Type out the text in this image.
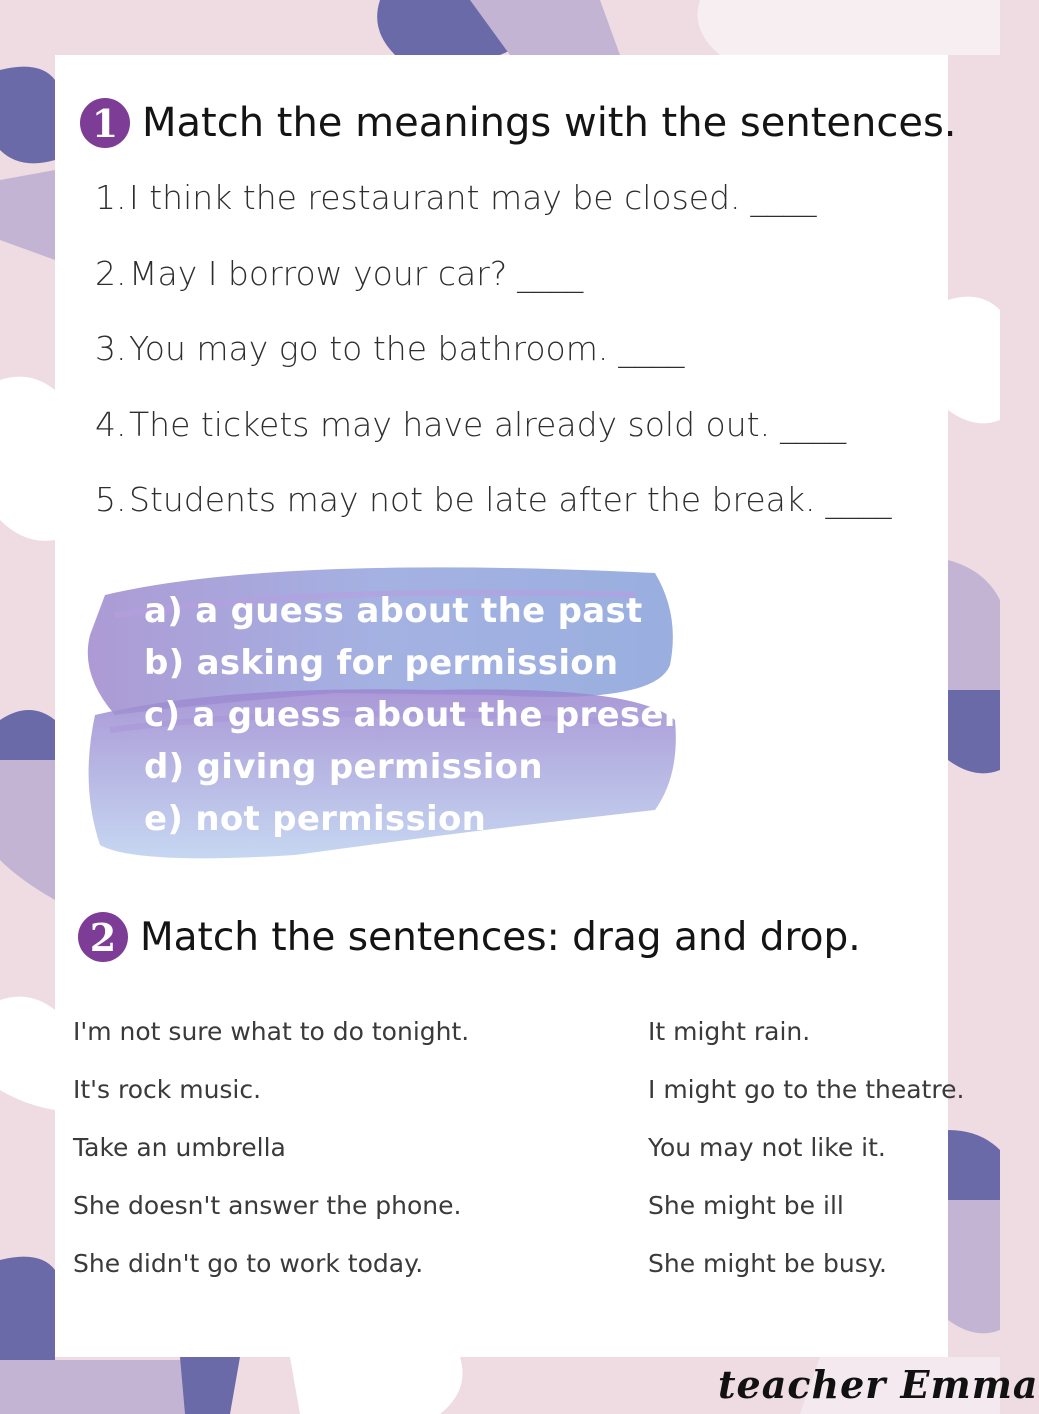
1 Match the meanings with the sentences.
1. I think the restaurant may be closed. ____
2. May I borrow your car? ____
3. You may go to the bathroom. ____
4. The tickets may have already sold out. ____
5. Students may not be late after the break. ____
a) a guess about the past
b) asking for permission
c) a guess about the present
d) giving permission
e) not permission
2 Match the sentences: drag and drop.
I'm not sure what to do tonight.
It's rock music.
Take an umbrella
She doesn't answer the phone.
She didn't go to work today.
It might rain.
I might go to the theatre.
You may not like it.
She might be ill
She might be busy.
teacher Emma
